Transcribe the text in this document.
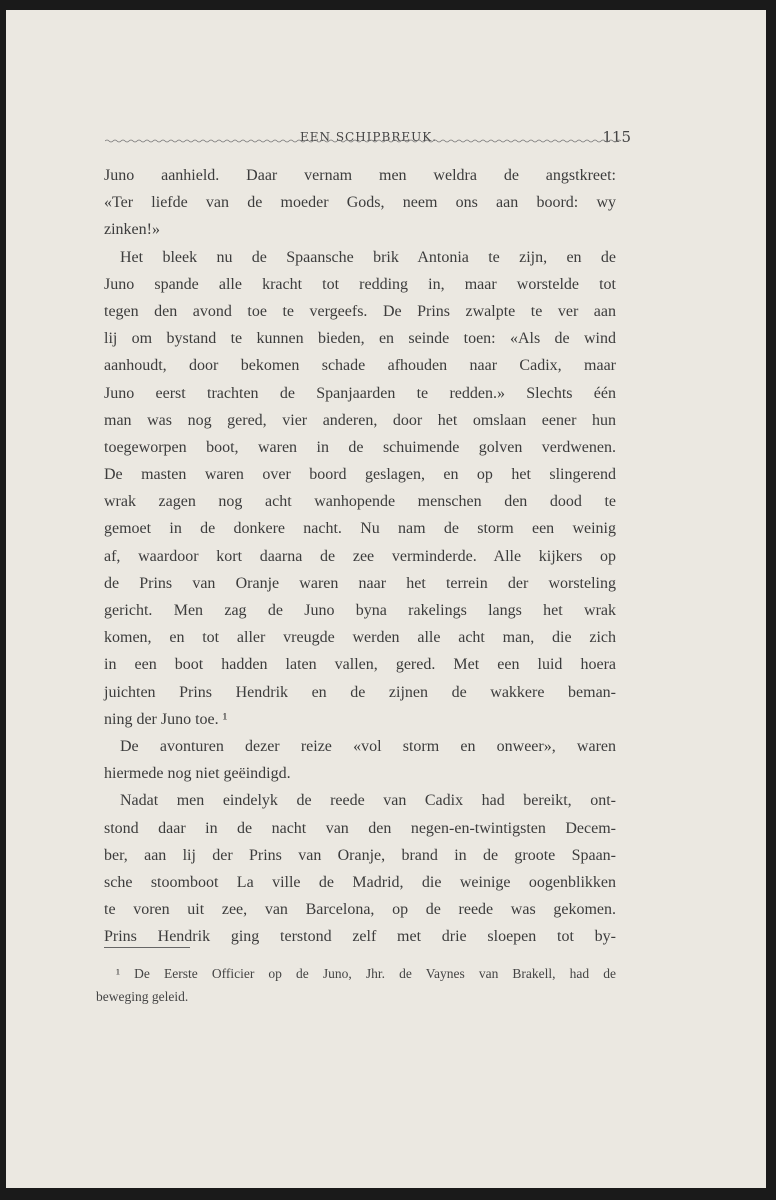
EEN SCHIPBREUK.	115
Juno aanhield. Daar vernam men weldra de angstkreet:
«Ter liefde van de moeder Gods, neem ons aan boord: wy
zinken!»
Het bleek nu de Spaansche brik Antonia te zijn, en de
Juno spande alle kracht tot redding in, maar worstelde tot
tegen den avond toe te vergeefs. De Prins zwalpte te ver aan
lij om bystand te kunnen bieden, en seinde toen: «Als de wind
aanhoudt, door bekomen schade afhouden naar Cadix, maar
Juno eerst trachten de Spanjaarden te redden.» Slechts één
man was nog gered, vier anderen, door het omslaan eener hun
toegeworpen boot, waren in de schuimende golven verdwenen.
De masten waren over boord geslagen, en op het slingerend
wrak zagen nog acht wanhopende menschen den dood te
gemoet in de donkere nacht. Nu nam de storm een weinig
af, waardoor kort daarna de zee verminderde. Alle kijkers op
de Prins van Oranje waren naar het terrein der worsteling
gericht. Men zag de Juno byna rakelings langs het wrak
komen, en tot aller vreugde werden alle acht man, die zich
in een boot hadden laten vallen, gered. Met een luid hoera
juichten Prins Hendrik en de zijnen de wakkere beman-
ning der Juno toe. ¹
De avonturen dezer reize «vol storm en onweer», waren
hiermede nog niet geëindigd.
Nadat men eindelyk de reede van Cadix had bereikt, ont-
stond daar in de nacht van den negen-en-twintigsten Decem-
ber, aan lij der Prins van Oranje, brand in de groote Spaan-
sche stoomboot La ville de Madrid, die weinige oogenblikken
te voren uit zee, van Barcelona, op de reede was gekomen.
Prins Hendrik ging terstond zelf met drie sloepen tot by-
¹ De Eerste Officier op de Juno, Jhr. de Vaynes van Brakell, had de
beweging geleid.
